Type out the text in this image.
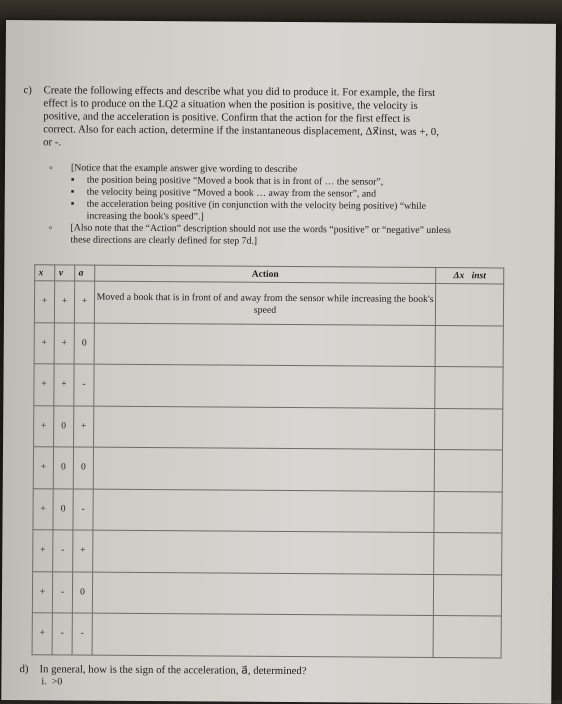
c) Create the following effects and describe what you did to produce it. For example, the first
effect is to produce on the LQ2 a situation when the position is positive, the velocity is
positive, and the acceleration is positive. Confirm that the action for the first effect is
correct. Also for each action, determine if the instantaneous displacement, Δx⃗inst, was +, 0,
or -.
◦ [Notice that the example answer give wording to describe
▪ the position being positive “Moved a book that is in front of … the sensor”,
▪ the velocity being positive “Moved a book … away from the sensor”, and
▪ the acceleration being positive (in conjunction with the velocity being positive) “while
increasing the book's speed”.]
◦ [Also note that the “Action” description should not use the words “positive” or “negative” unless
these directions are clearly defined for step 7d.]
x⃗	v⃗	a⃗	Action	Δx⃗inst
+	+	+	Moved a book that is in front of and away from the sensor while increasing the book's speed	
+	+	0		
+	+	-		
+	0	+		
+	0	0		
+	0	-		
+	-	+		
+	-	0		
+	-	-		
d) In general, how is the sign of the acceleration, a⃗, determined?
i. >0
